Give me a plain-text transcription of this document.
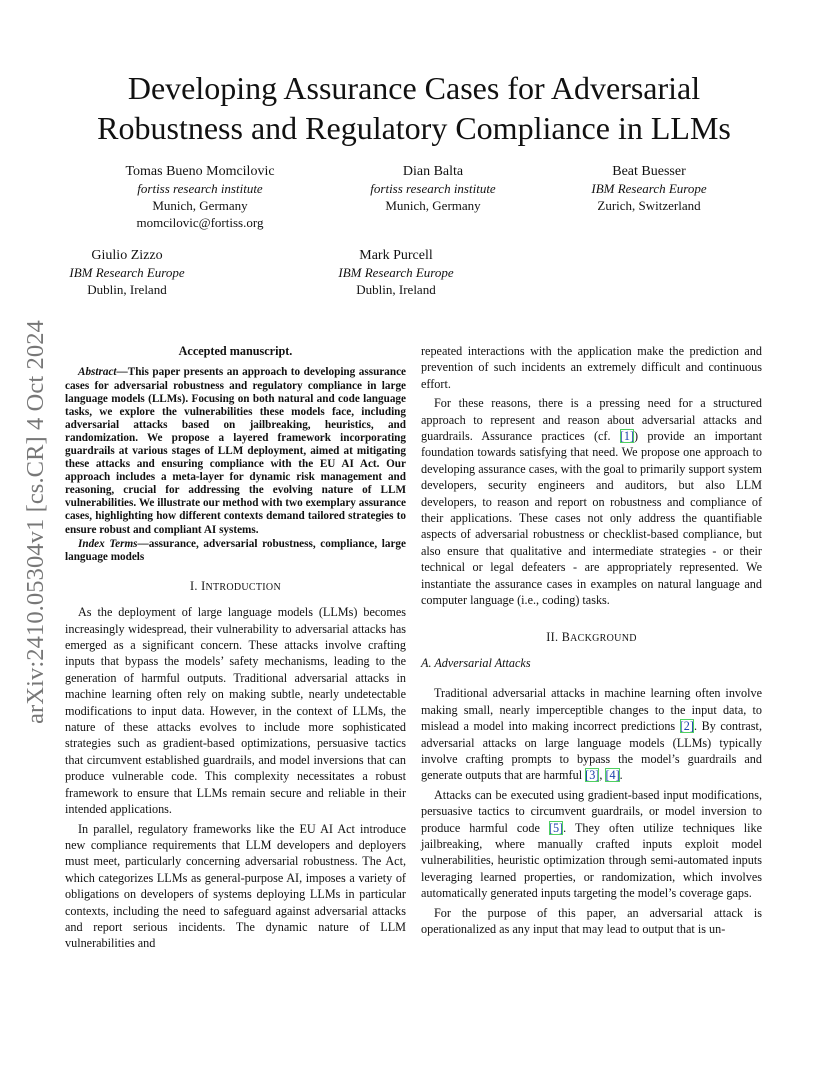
arXiv:2410.05304v1 [cs.CR] 4 Oct 2024
Developing Assurance Cases for Adversarial Robustness and Regulatory Compliance in LLMs
Tomas Bueno Momcilovic
fortiss research institute
Munich, Germany
momcilovic@fortiss.org
Dian Balta
fortiss research institute
Munich, Germany
Beat Buesser
IBM Research Europe
Zurich, Switzerland
Giulio Zizzo
IBM Research Europe
Dublin, Ireland
Mark Purcell
IBM Research Europe
Dublin, Ireland
Accepted manuscript.

Abstract—This paper presents an approach to developing assurance cases for adversarial robustness and regulatory compliance in large language models (LLMs). Focusing on both natural and code language tasks, we explore the vulnerabilities these models face, including adversarial attacks based on jailbreaking, heuristics, and randomization. We propose a layered framework incorporating guardrails at various stages of LLM deployment, aimed at mitigating these attacks and ensuring compliance with the EU AI Act. Our approach includes a meta-layer for dynamic risk management and reasoning, crucial for addressing the evolving nature of LLM vulnerabilities. We illustrate our method with two exemplary assurance cases, highlighting how different contexts demand tailored strategies to ensure robust and compliant AI systems.

Index Terms—assurance, adversarial robustness, compliance, large language models

I. INTRODUCTION

As the deployment of large language models (LLMs) becomes increasingly widespread, their vulnerability to adversarial attacks has emerged as a significant concern. These attacks involve crafting inputs that bypass the models’ safety mechanisms, leading to the generation of harmful outputs. Traditional adversarial attacks in machine learning often rely on making subtle, nearly undetectable modifications to input data. However, in the context of LLMs, the nature of these attacks evolves to include more sophisticated strategies such as gradient-based optimizations, persuasive tactics that circumvent established guardrails, and model inversions that can produce vulnerable code. This complexity necessitates a robust framework to ensure that LLMs remain secure and reliable in their intended applications.

In parallel, regulatory frameworks like the EU AI Act introduce new compliance requirements that LLM developers and deployers must meet, particularly concerning adversarial robustness. The Act, which categorizes LLMs as general-purpose AI, imposes a variety of obligations on developers of systems deploying LLMs in particular contexts, including the need to safeguard against adversarial attacks and report serious incidents. The dynamic nature of LLM vulnerabilities and

repeated interactions with the application make the prediction and prevention of such incidents an extremely difficult and continuous effort.

For these reasons, there is a pressing need for a structured approach to represent and reason about adversarial attacks and guardrails. Assurance practices (cf. [1]) provide an important foundation towards satisfying that need. We propose one approach to developing assurance cases, with the goal to primarily support system developers, security engineers and auditors, but also LLM developers, to reason and report on robustness and compliance of their applications. These cases not only address the quantifiable aspects of adversarial robustness or checklist-based compliance, but also ensure that qualitative and intermediate strategies - or their technical or legal defeaters - are appropriately represented. We instantiate the assurance cases in examples on natural language and computer language (i.e., coding) tasks.

II. BACKGROUND
A. Adversarial Attacks

Traditional adversarial attacks in machine learning often involve making small, nearly imperceptible changes to the input data, to mislead a model into making incorrect predictions [2]. By contrast, adversarial attacks on large language models (LLMs) typically involve crafting prompts to bypass the model’s guardrails and generate outputs that are harmful [3], [4].

Attacks can be executed using gradient-based input modifications, persuasive tactics to circumvent guardrails, or model inversion to produce harmful code [5]. They often utilize techniques like jailbreaking, where manually crafted inputs exploit model vulnerabilities, heuristic optimization through semi-automated inputs leveraging learned properties, or randomization, which involves automatically generated inputs targeting the model’s coverage gaps.

For the purpose of this paper, an adversarial attack is operationalized as any input that may lead to output that is un-
